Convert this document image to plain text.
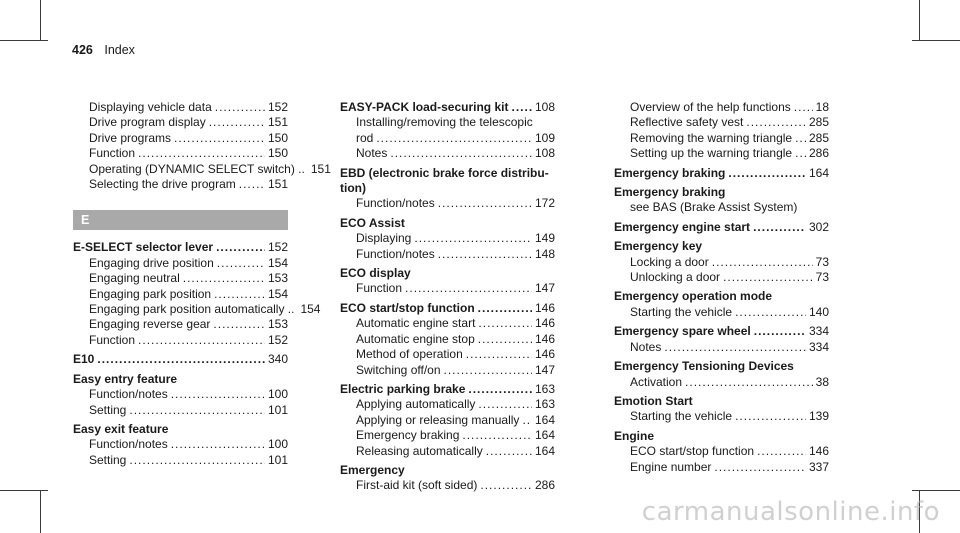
426 Index
Displaying vehicle data .....	152
Drive program display .....	151
Drive programs .....	150
Function .....	150
Operating (DYNAMIC SELECT switch) .. 151
Selecting the drive program .....	151
E
E-SELECT selector lever .....	152
Engaging drive position .....	154
Engaging neutral .....	153
Engaging park position .....	154
Engaging park position automatically .. 154
Engaging reverse gear .....	153
Function .....	152
E10 .....	340
Easy entry feature
Function/notes .....	100
Setting .....	101
Easy exit feature
Function/notes .....	100
Setting .....	101
EASY-PACK load-securing kit ..... 108
Installing/removing the telescopic
rod .....	109
Notes .....	108
EBD (electronic brake force distribu-
tion)
Function/notes .....	172
ECO Assist
Displaying .....	149
Function/notes .....	148
ECO display
Function .....	147
ECO start/stop function .....	146
Automatic engine start .....	146
Automatic engine stop .....	146
Method of operation .....	146
Switching off/on .....	147
Electric parking brake .....	163
Applying automatically .....	163
Applying or releasing manually ..... 164
Emergency braking .....	164
Releasing automatically .....	164
Emergency
First-aid kit (soft sided) .....	286
Overview of the help functions ..... 18
Reflective safety vest .....	285
Removing the warning triangle ..... 285
Setting up the warning triangle ..... 286
Emergency braking .....	164
Emergency braking
see BAS (Brake Assist System)
Emergency engine start .....	302
Emergency key
Locking a door .....	73
Unlocking a door .....	73
Emergency operation mode
Starting the vehicle .....	140
Emergency spare wheel .....	334
Notes .....	334
Emergency Tensioning Devices
Activation .....	38
Emotion Start
Starting the vehicle .....	139
Engine
ECO start/stop function .....	146
Engine number .....	337
carmanualsonline.info
